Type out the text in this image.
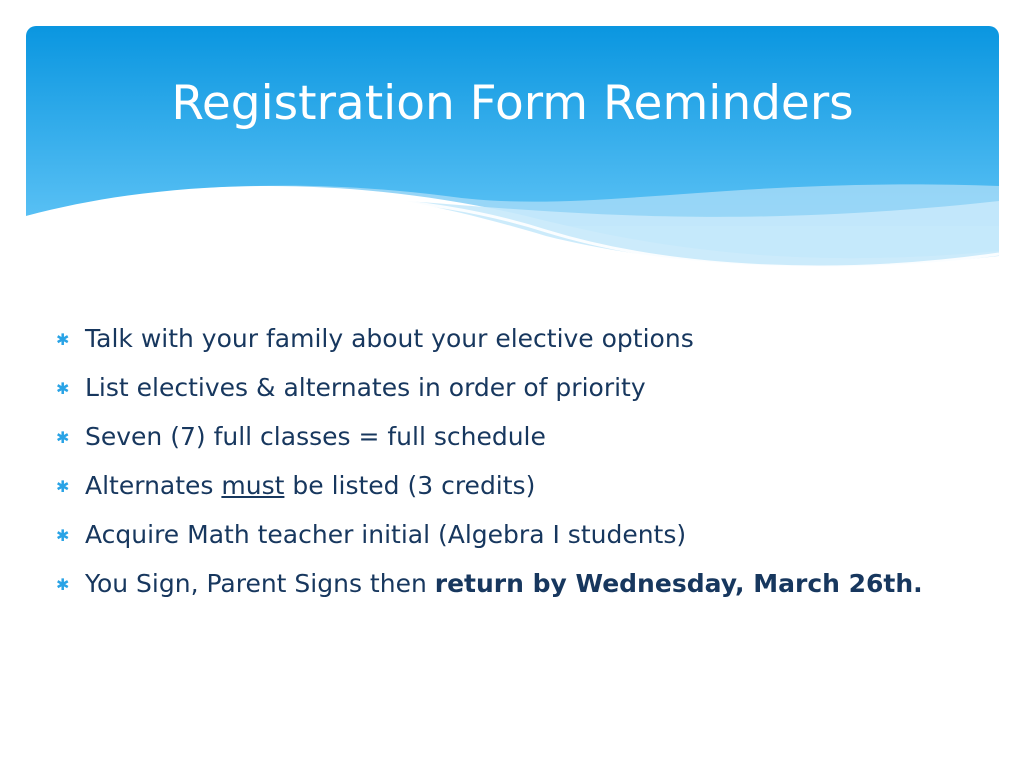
Registration Form Reminders
✱ Talk with your family about your elective options
✱ List electives & alternates in order of priority
✱ Seven (7) full classes = full schedule
✱ Alternates must be listed (3 credits)
✱ Acquire Math teacher initial (Algebra I students)
✱ You Sign, Parent Signs then return by Wednesday, March 26th.
